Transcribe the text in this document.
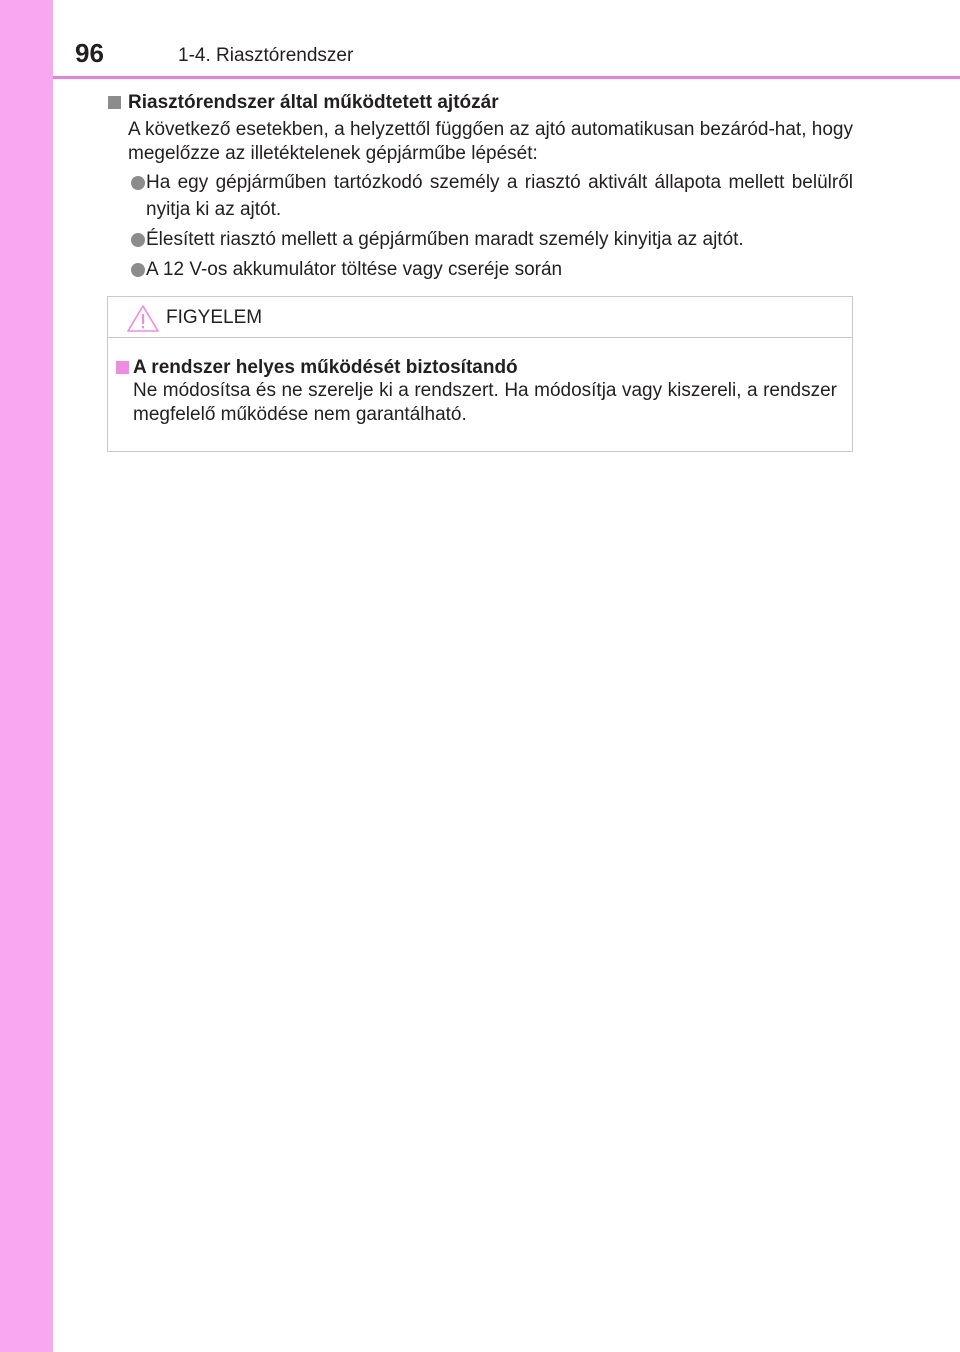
96	1-4. Riasztórendszer
Riasztórendszer által működtetett ajtózár
A következő esetekben, a helyzettől függően az ajtó automatikusan bezáród-hat, hogy megelőzze az illetéktelenek gépjárműbe lépését:
Ha egy gépjárműben tartózkodó személy a riasztó aktivált állapota mellett belülről nyitja ki az ajtót.
Élesített riasztó mellett a gépjárműben maradt személy kinyitja az ajtót.
A 12 V-os akkumulátor töltése vagy cseréje során
FIGYELEM
A rendszer helyes működését biztosítandó
Ne módosítsa és ne szerelje ki a rendszert. Ha módosítja vagy kiszereli, a rendszer megfelelő működése nem garantálható.
